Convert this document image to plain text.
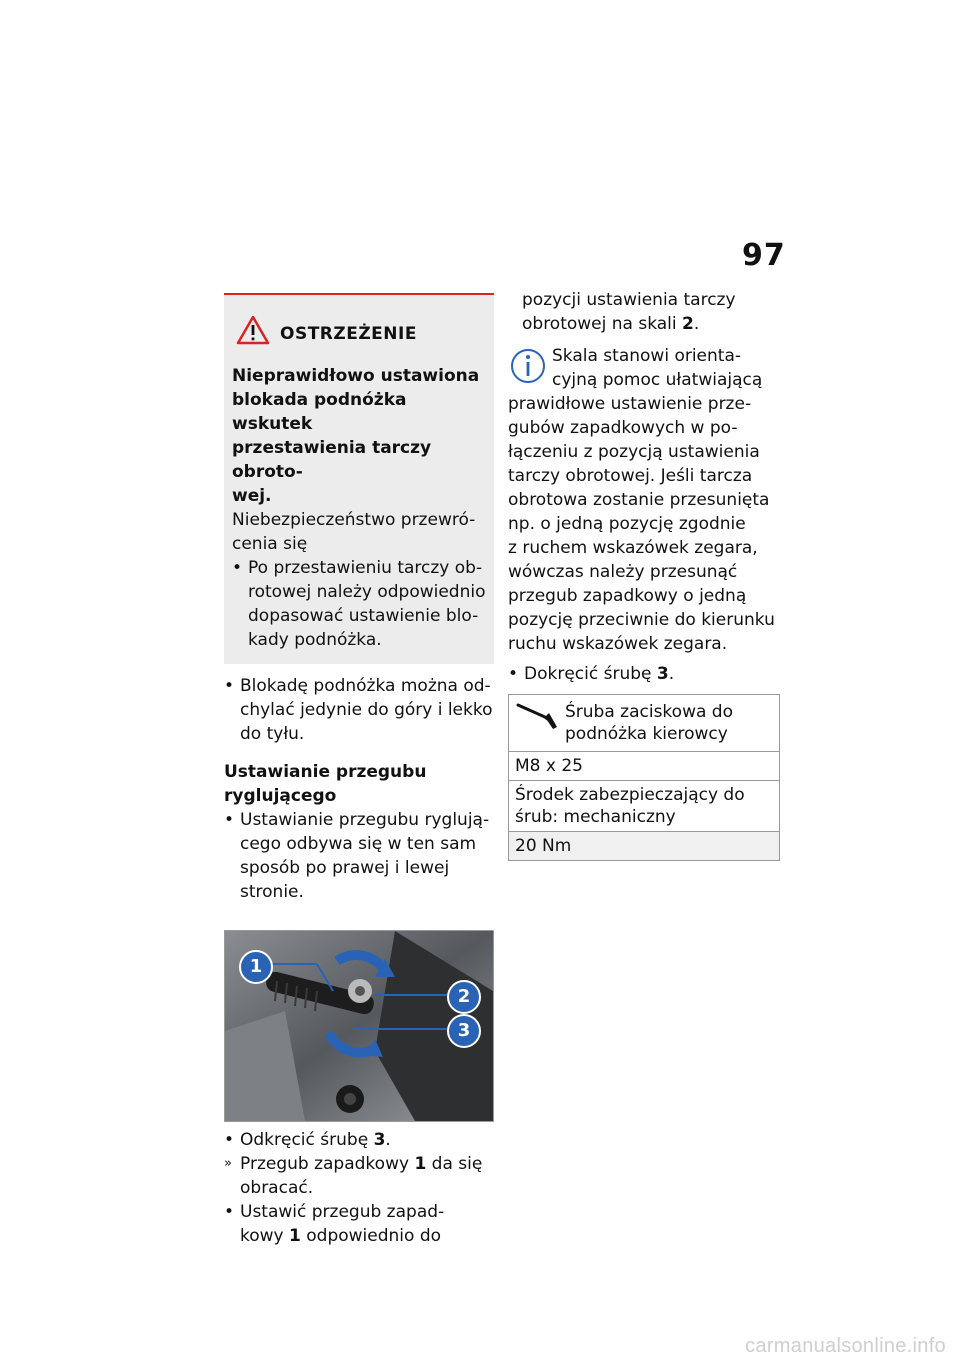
97
OSTRZEŻENIE
Nieprawidłowo ustawiona
blokada podnóżka wskutek
przestawienia tarczy obroto-
wej.
Niebezpieczeństwo przewró-
cenia się
• Po przestawieniu tarczy ob-
rotowej należy odpowiednio
dopasować ustawienie blo-
kady podnóżka.
• Blokadę podnóżka można od-
chylać jedynie do góry i lekko
do tyłu.
Ustawianie przegubu
ryglującego
• Ustawianie przegubu ryglują-
cego odbywa się w ten sam
sposób po prawej i lewej
stronie.
1
2
3
• Odkręcić śrubę 3.
» Przegub zapadkowy 1 da się
obracać.
• Ustawić przegub zapad-
kowy 1 odpowiednio do
pozycji ustawienia tarczy
obrotowej na skali 2.
Skala stanowi orienta-
cyjną pomoc ułatwiającą
prawidłowe ustawienie prze-
gubów zapadkowych w po-
łączeniu z pozycją ustawienia
tarczy obrotowej. Jeśli tarcza
obrotowa zostanie przesunięta
np. o jedną pozycję zgodnie
z ruchem wskazówek zegara,
wówczas należy przesunąć
przegub zapadkowy o jedną
pozycję przeciwnie do kierunku
ruchu wskazówek zegara.
• Dokręcić śrubę 3.
Śruba zaciskowa do
podnóżka kierowcy
M8 x 25
Środek zabezpieczający do
śrub: mechaniczny
20 Nm
carmanualsonline.info
